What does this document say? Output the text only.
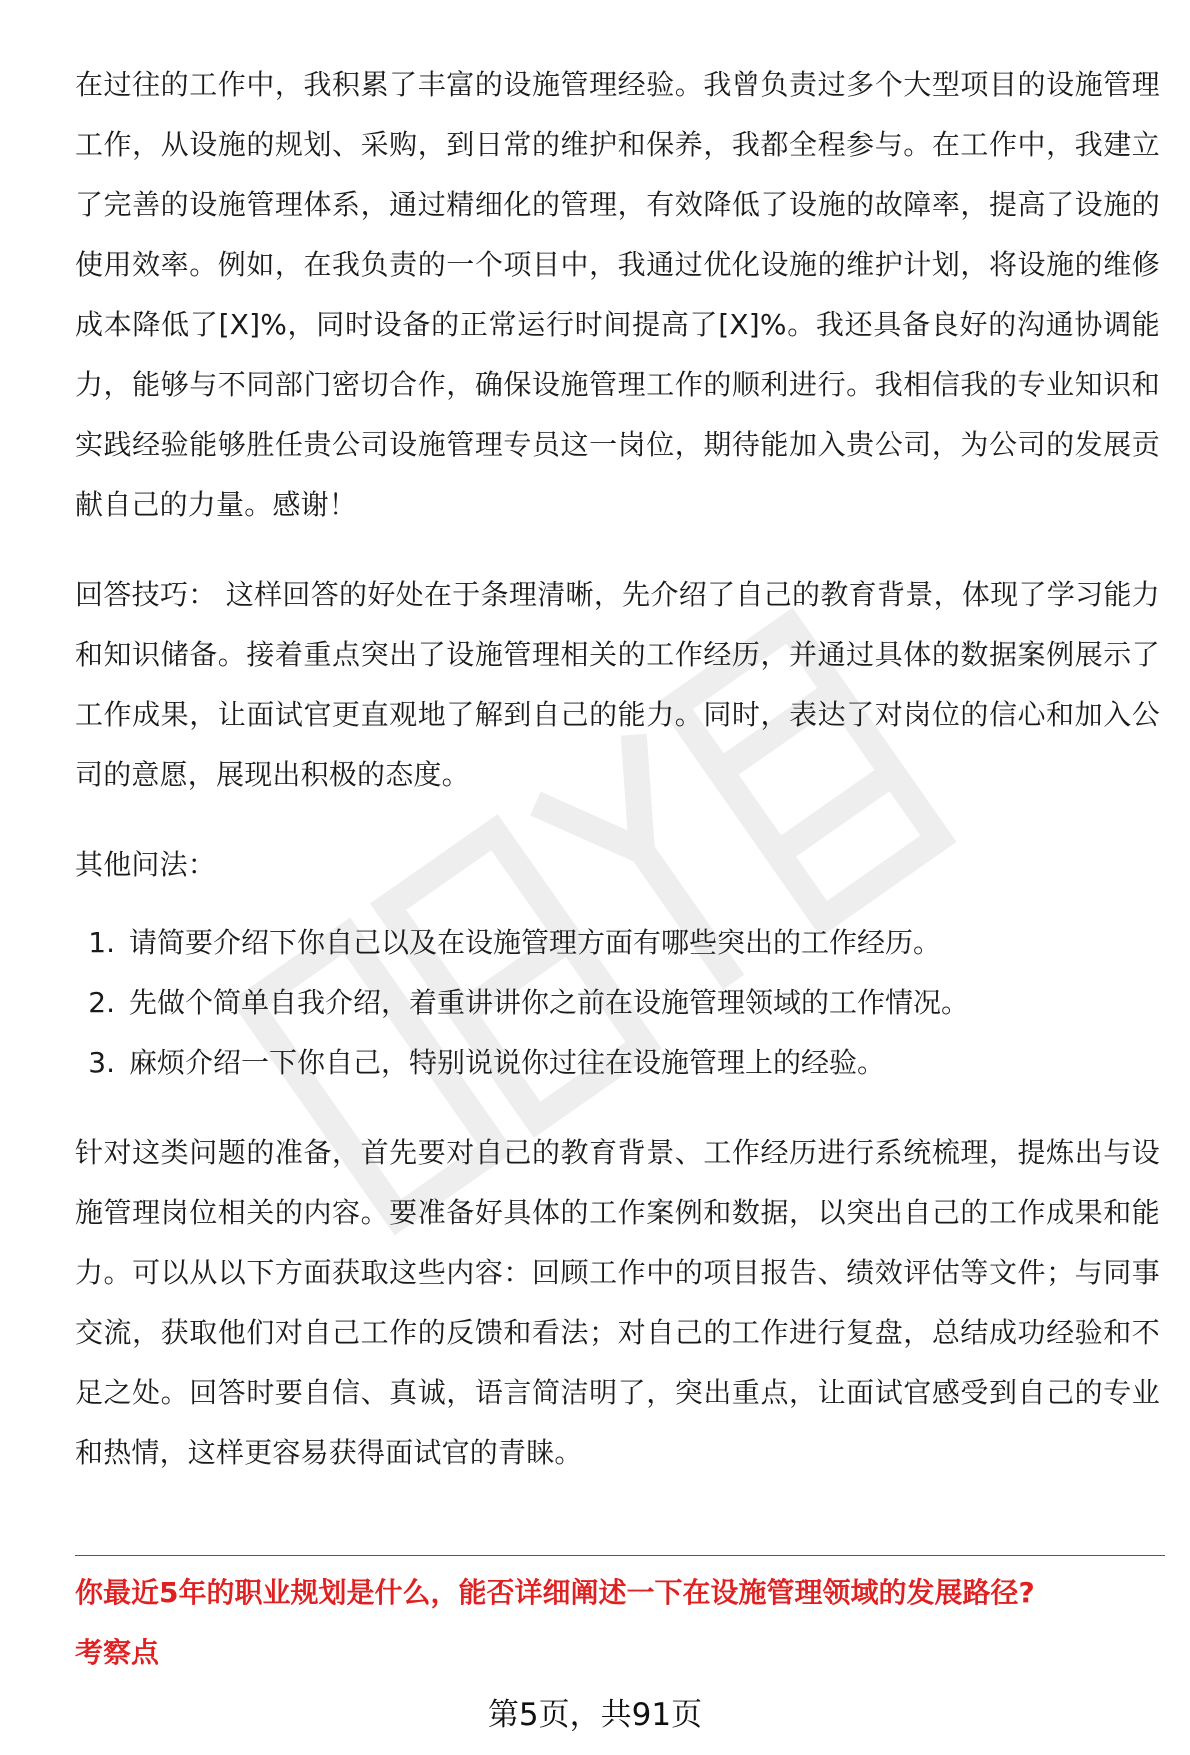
在过往的工作中，我积累了丰富的设施管理经验。我曾负责过多个大型项目的设施管理工作，从设施的规划、采购，到日常的维护和保养，我都全程参与。在工作中，我建立了完善的设施管理体系，通过精细化的管理，有效降低了设施的故障率，提高了设施的使用效率。例如，在我负责的一个项目中，我通过优化设施的维护计划，将设施的维修成本降低了[X]%，同时设备的正常运行时间提高了[X]%。我还具备良好的沟通协调能力，能够与不同部门密切合作，确保设施管理工作的顺利进行。我相信我的专业知识和实践经验能够胜任贵公司设施管理专员这一岗位，期待能加入贵公司，为公司的发展贡献自己的力量。感谢！

回答技巧： 这样回答的好处在于条理清晰，先介绍了自己的教育背景，体现了学习能力和知识储备。接着重点突出了设施管理相关的工作经历，并通过具体的数据案例展示了工作成果，让面试官更直观地了解到自己的能力。同时，表达了对岗位的信心和加入公司的意愿，展现出积极的态度。

其他问法：

1. 请简要介绍下你自己以及在设施管理方面有哪些突出的工作经历。
2. 先做个简单自我介绍，着重讲讲你之前在设施管理领域的工作情况。
3. 麻烦介绍一下你自己，特别说说你过往在设施管理上的经验。

针对这类问题的准备，首先要对自己的教育背景、工作经历进行系统梳理，提炼出与设施管理岗位相关的内容。要准备好具体的工作案例和数据，以突出自己的工作成果和能力。可以从以下方面获取这些内容：回顾工作中的项目报告、绩效评估等文件；与同事交流，获取他们对自己工作的反馈和看法；对自己的工作进行复盘，总结成功经验和不足之处。回答时要自信、真诚，语言简洁明了，突出重点，让面试官感受到自己的专业和热情，这样更容易获得面试官的青睐。

你最近5年的职业规划是什么，能否详细阐述一下在设施管理领域的发展路径?
考察点
第5页，共91页
